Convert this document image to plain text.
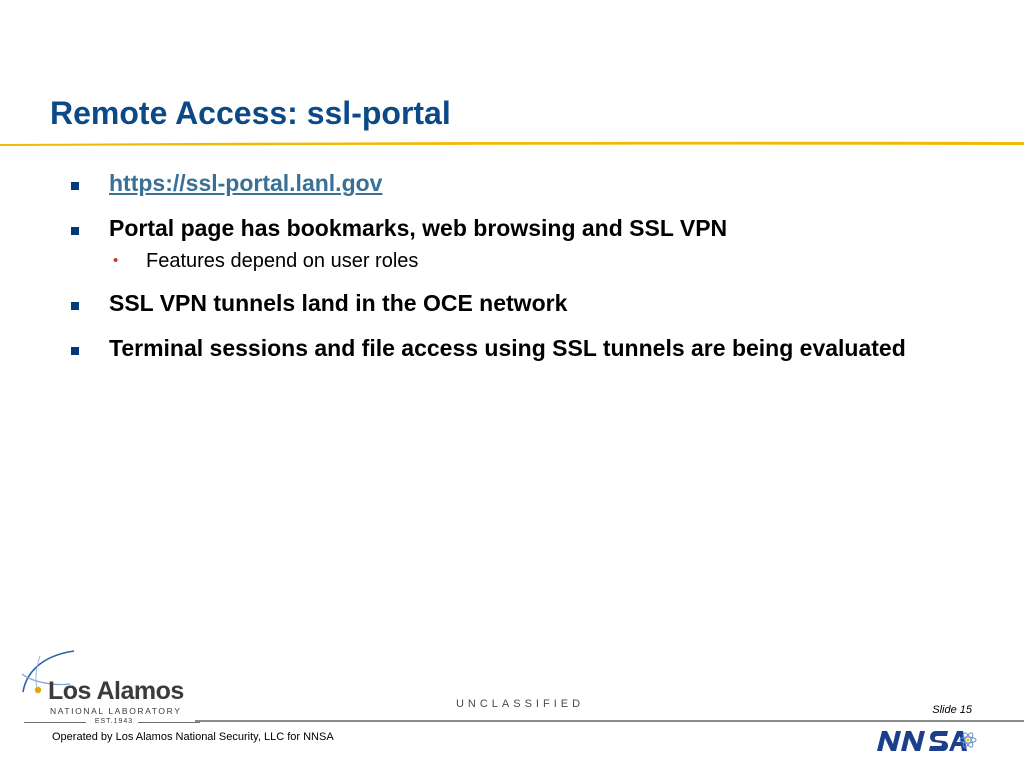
Remote Access: ssl-portal
https://ssl-portal.lanl.gov
Portal page has bookmarks, web browsing and SSL VPN
• Features depend on user roles
SSL VPN tunnels land in the OCE network
Terminal sessions and file access using SSL tunnels are being evaluated
Los Alamos
NATIONAL LABORATORY
EST.1943
UNCLASSIFIED	Slide 15
Operated by Los Alamos National Security, LLC for NNSA
